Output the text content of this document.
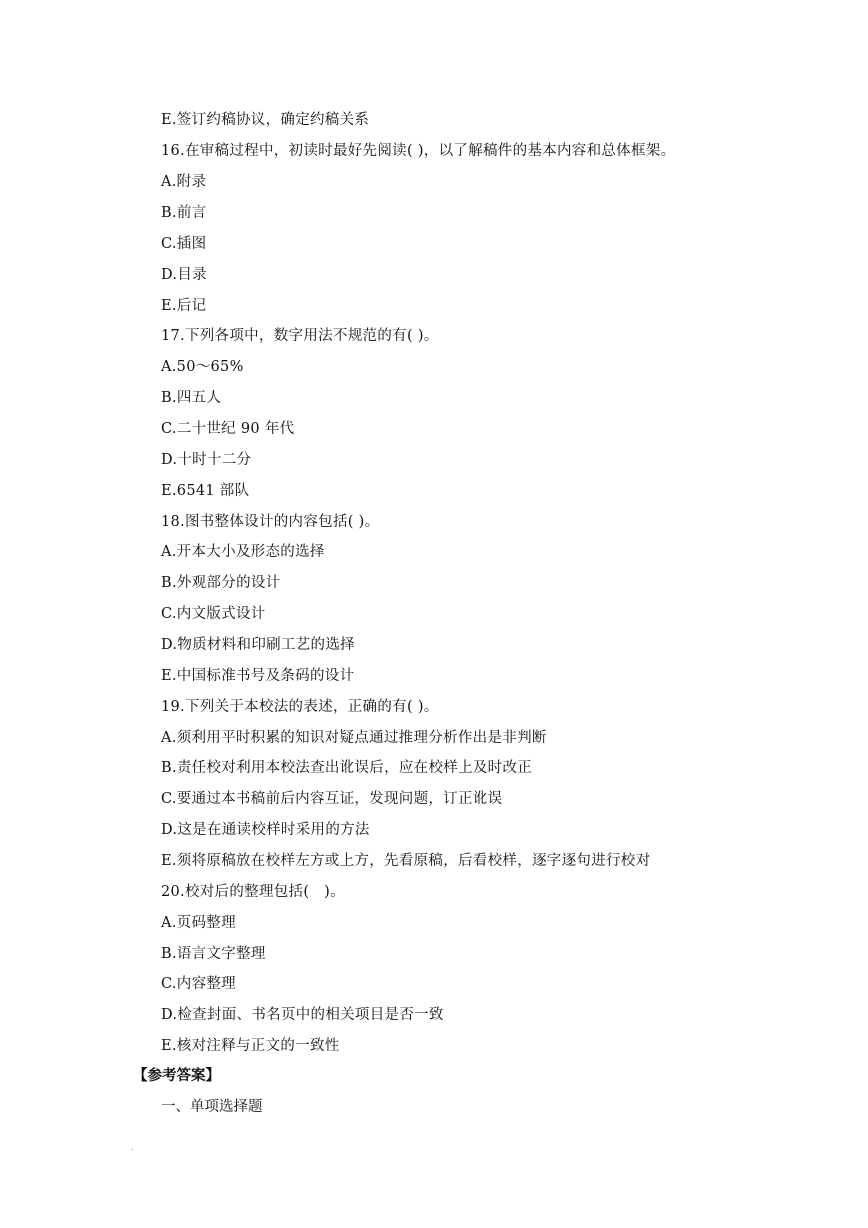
E.签订约稿协议，确定约稿关系
16.在审稿过程中，初读时最好先阅读( )，以了解稿件的基本内容和总体框架。
A.附录
B.前言
C.插图
D.目录
E.后记
17.下列各项中，数字用法不规范的有( )。
A.50～65%
B.四五人
C.二十世纪 90 年代
D.十时十二分
E.6541 部队
18.图书整体设计的内容包括( )。
A.开本大小及形态的选择
B.外观部分的设计
C.内文版式设计
D.物质材料和印刷工艺的选择
E.中国标准书号及条码的设计
19.下列关于本校法的表述，正确的有( )。
A.须利用平时积累的知识对疑点通过推理分析作出是非判断
B.责任校对利用本校法查出讹误后，应在校样上及时改正
C.要通过本书稿前后内容互证，发现问题，订正讹误
D.这是在通读校样时采用的方法
E.须将原稿放在校样左方或上方，先看原稿，后看校样，逐字逐句进行校对
20.校对后的整理包括(　)。
A.页码整理
B.语言文字整理
C.内容整理
D.检查封面、书名页中的相关项目是否一致
E.核对注释与正文的一致性
【参考答案】
一、单项选择题
.
